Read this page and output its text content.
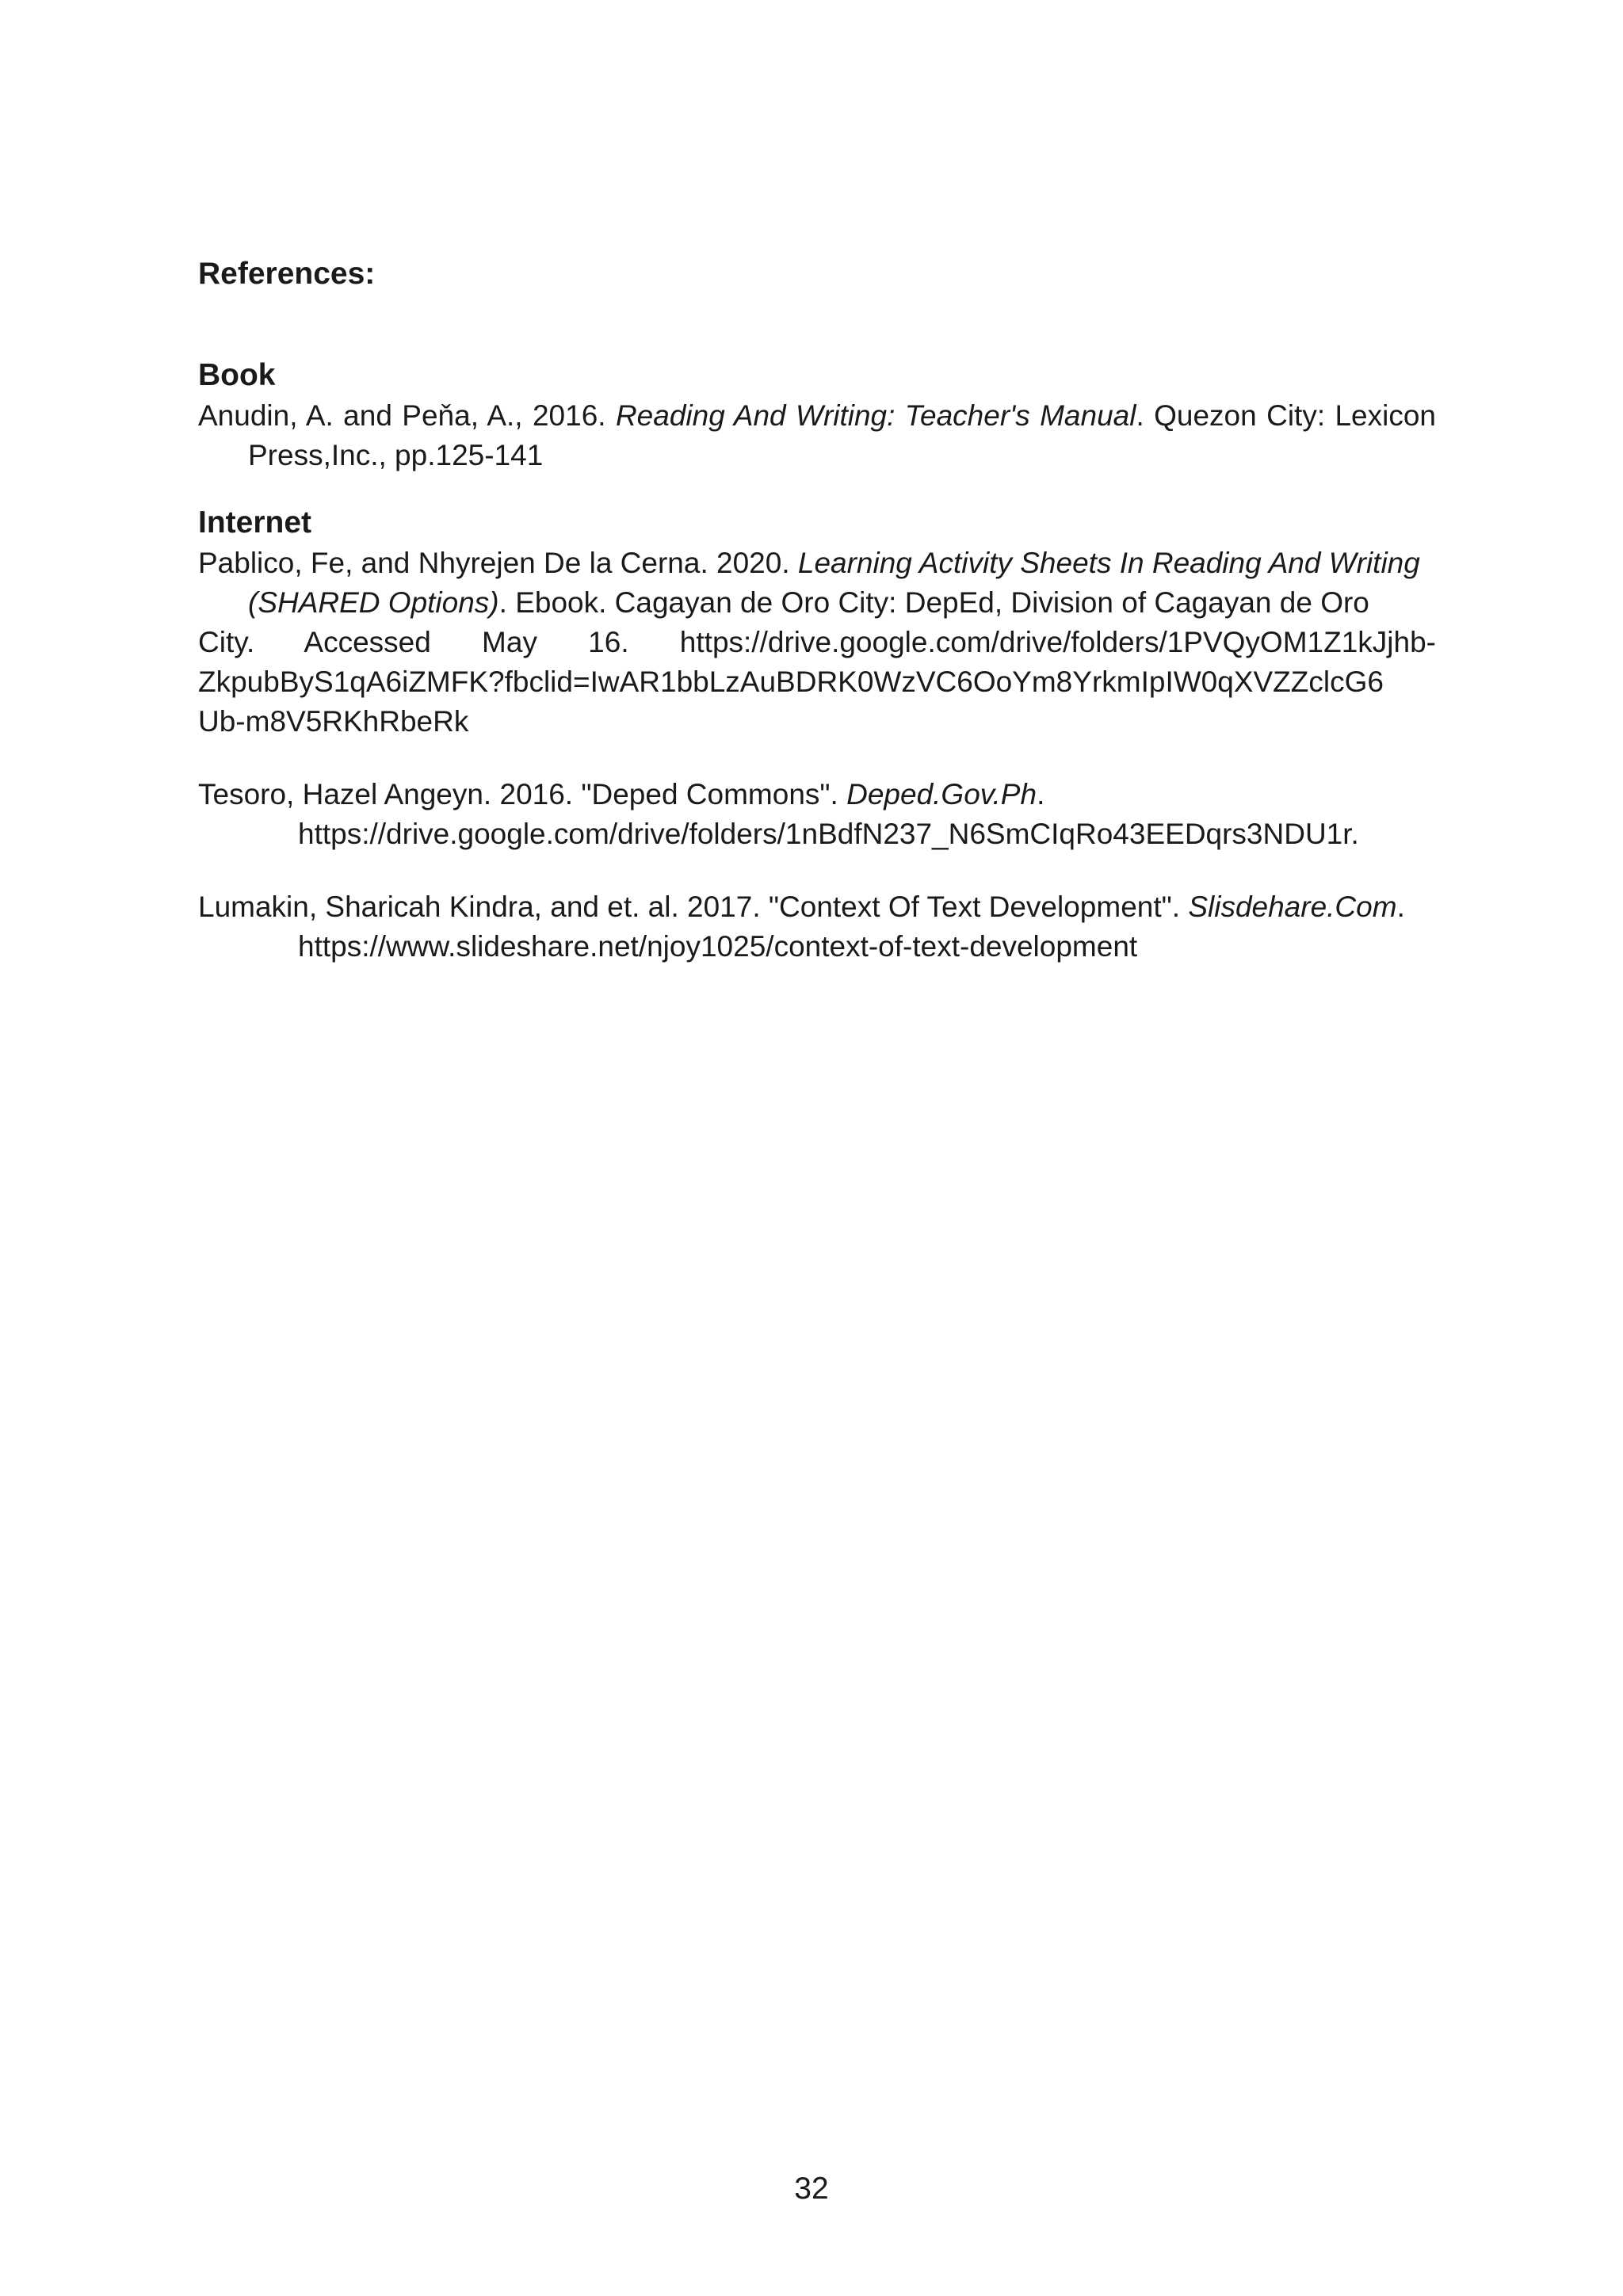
References:
Book

Anudin, A. and Peňa, A., 2016. Reading And Writing: Teacher's Manual. Quezon City: Lexicon Press,Inc., pp.125-141

Internet

Pablico, Fe, and Nhyrejen De la Cerna. 2020. Learning Activity Sheets In Reading And Writing
(SHARED Options). Ebook. Cagayan de Oro City: DepEd, Division of Cagayan de Oro
City. Accessed May 16. https://drive.google.com/drive/folders/1PVQyOM1Z1kJjhb-
ZkpubByS1qA6iZMFK?fbclid=IwAR1bbLzAuBDRK0WzVC6OoYm8YrkmIpIW0qXVZZclcG6
Ub-m8V5RKhRbeRk

Tesoro, Hazel Angeyn. 2016. "Deped Commons". Deped.Gov.Ph.
https://drive.google.com/drive/folders/1nBdfN237_N6SmCIqRo43EEDqrs3NDU1r.

Lumakin, Sharicah Kindra, and et. al. 2017. "Context Of Text Development". Slisdehare.Com.
https://www.slideshare.net/njoy1025/context-of-text-development

32
